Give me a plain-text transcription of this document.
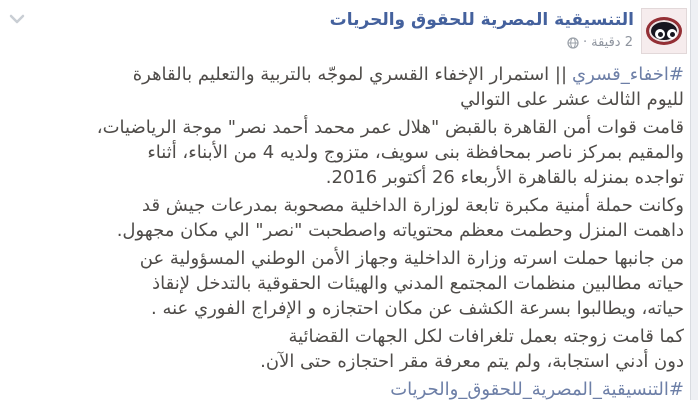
التنسيقية المصرية للحقوق والحريات
2 دقيقة
·
#اخفاء_قسري|| استمرار الإخفاء القسري لموجّه بالتربية والتعليم بالقاهرة
لليوم الثالث عشر على التوالي
قامت قوات أمن القاهرة بالقبض "هلال عمر محمد أحمد نصر" موجة الرياضيات،
والمقيم بمركز ناصر بمحافظة بنى سويف، متزوج ولديه 4 من الأبناء، أثناء
تواجده بمنزله بالقاهرة الأربعاء 26 أكتوبر 2016.
وكانت حملة أمنية مكبرة تابعة لوزارة الداخلية مصحوبة بمدرعات جيش قد
داهمت المنزل وحطمت معظم محتوياته واصطحبت "نصر" الي مكان مجهول.
من جانبها حملت اسرته وزارة الداخلية وجهاز الأمن الوطني المسؤولية عن
حياته مطالبين منظمات المجتمع المدني والهيئات الحقوقية بالتدخل لإنقاذ
حياته، ويطالبوا بسرعة الكشف عن مكان احتجازه و الإفراج الفوري عنه .
كما قامت زوجته بعمل تلغرافات لكل الجهات القضائية
دون أدني استجابة، ولم يتم معرفة مقر احتجازه حتى الآن.
#التنسيقية_المصرية_للحقوق_والحريات
